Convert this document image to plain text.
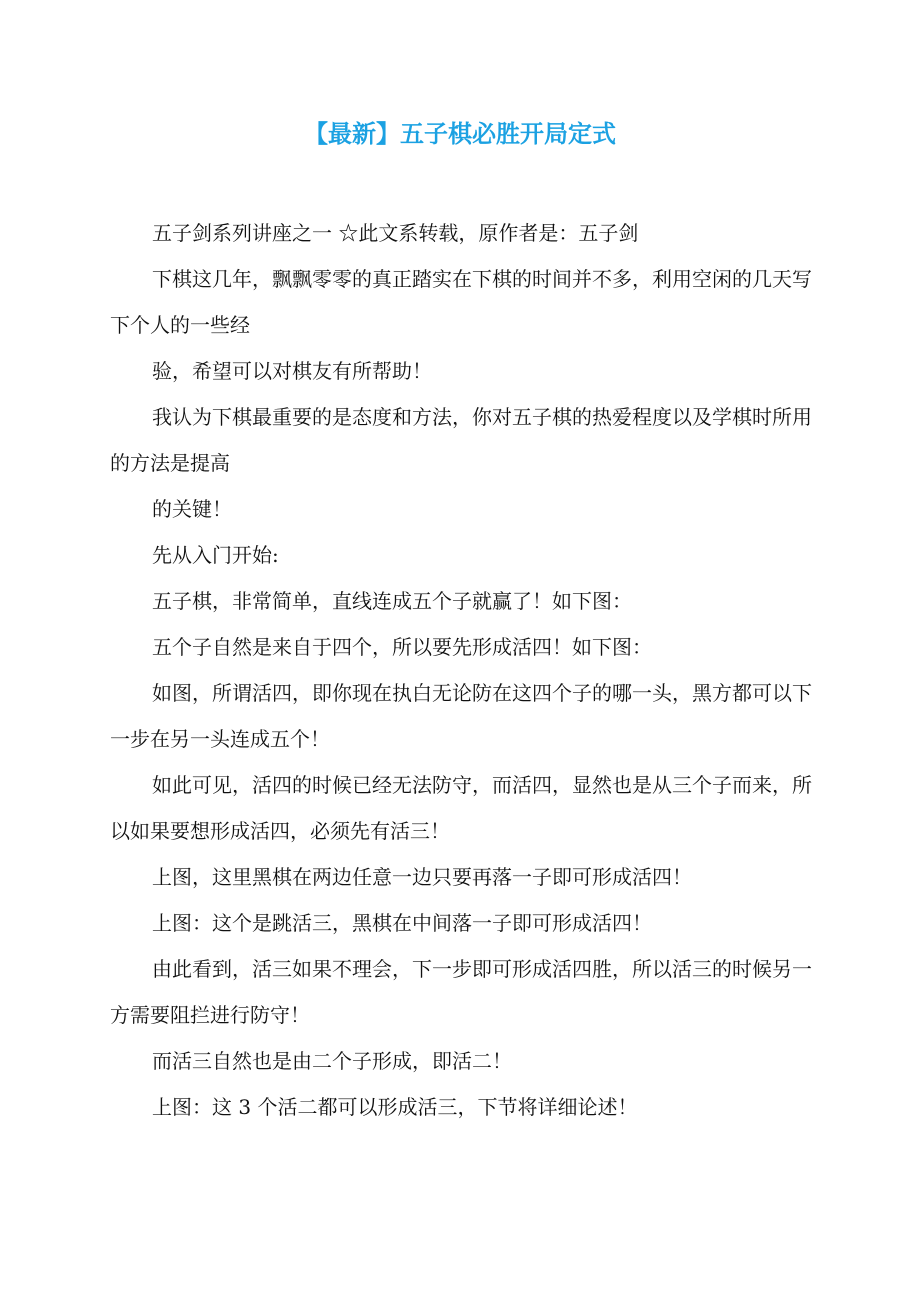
【最新】五子棋必胜开局定式

五子剑系列讲座之一 ☆此文系转载，原作者是：五子剑

下棋这几年，飘飘零零的真正踏实在下棋的时间并不多，利用空闲的几天写下个人的一些经

验，希望可以对棋友有所帮助！

我认为下棋最重要的是态度和方法，你对五子棋的热爱程度以及学棋时所用的方法是提高

的关键！

先从入门开始:

五子棋，非常简单，直线连成五个子就赢了！如下图：

五个子自然是来自于四个，所以要先形成活四！如下图：

如图，所谓活四，即你现在执白无论防在这四个子的哪一头，黑方都可以下一步在另一头连成五个！

如此可见，活四的时候已经无法防守，而活四，显然也是从三个子而来，所以如果要想形成活四，必须先有活三！

上图，这里黑棋在两边任意一边只要再落一子即可形成活四！

上图：这个是跳活三，黑棋在中间落一子即可形成活四！

由此看到，活三如果不理会，下一步即可形成活四胜，所以活三的时候另一方需要阻拦进行防守！

而活三自然也是由二个子形成，即活二！

上图：这 3 个活二都可以形成活三，下节将详细论述！
